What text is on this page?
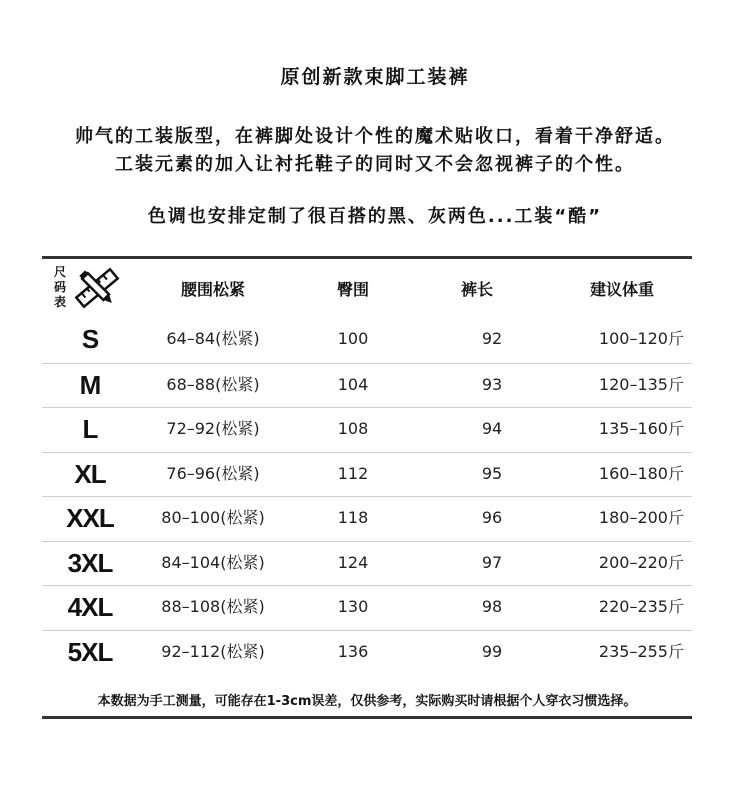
原创新款束脚工装裤
帅气的工装版型，在裤脚处设计个性的魔术贴收口，看着干净舒适。
工装元素的加入让衬托鞋子的同时又不会忽视裤子的个性。
色调也安排定制了很百搭的黑、灰两色...工装“酷”
尺码表
腰围松紧	臀围	裤长	建议体重
S	64–84(松紧)	100	92	100–120斤
M	68–88(松紧)	104	93	120–135斤
L	72–92(松紧)	108	94	135–160斤
XL	76–96(松紧)	112	95	160–180斤
XXL	80–100(松紧)	118	96	180–200斤
3XL	84–104(松紧)	124	97	200–220斤
4XL	88–108(松紧)	130	98	220–235斤
5XL	92–112(松紧)	136	99	235–255斤
本数据为手工测量，可能存在1-3cm误差，仅供参考，实际购买时请根据个人穿衣习惯选择。
